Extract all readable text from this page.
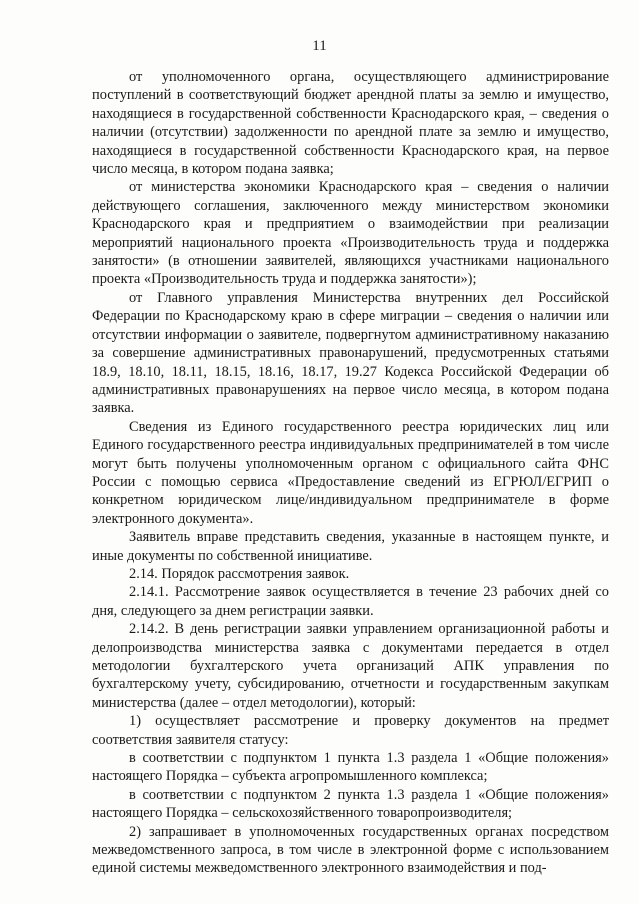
11

от уполномоченного органа, осуществляющего администрирование поступлений в соответствующий бюджет арендной платы за землю и имущество, находящиеся в государственной собственности Краснодарского края, – сведения о наличии (отсутствии) задолженности по арендной плате за землю и имущество, находящиеся в государственной собственности Краснодарского края, на первое число месяца, в котором подана заявка;

от министерства экономики Краснодарского края – сведения о наличии действующего соглашения, заключенного между министерством экономики Краснодарского края и предприятием о взаимодействии при реализации мероприятий национального проекта «Производительность труда и поддержка занятости» (в отношении заявителей, являющихся участниками национального проекта «Производительность труда и поддержка занятости»);

от Главного управления Министерства внутренних дел Российской Федерации по Краснодарскому краю в сфере миграции – сведения о наличии или отсутствии информации о заявителе, подвергнутом административному наказанию за совершение административных правонарушений, предусмотренных статьями 18.9, 18.10, 18.11, 18.15, 18.16, 18.17, 19.27 Кодекса Российской Федерации об административных правонарушениях на первое число месяца, в котором подана заявка.

Сведения из Единого государственного реестра юридических лиц или Единого государственного реестра индивидуальных предпринимателей в том числе могут быть получены уполномоченным органом с официального сайта ФНС России с помощью сервиса «Предоставление сведений из ЕГРЮЛ/ЕГРИП о конкретном юридическом лице/индивидуальном предпринимателе в форме электронного документа».

Заявитель вправе представить сведения, указанные в настоящем пункте, и иные документы по собственной инициативе.

2.14. Порядок рассмотрения заявок.

2.14.1. Рассмотрение заявок осуществляется в течение 23 рабочих дней со дня, следующего за днем регистрации заявки.

2.14.2. В день регистрации заявки управлением организационной работы и делопроизводства министерства заявка с документами передается в отдел методологии бухгалтерского учета организаций АПК управления по бухгалтерскому учету, субсидированию, отчетности и государственным закупкам министерства (далее – отдел методологии), который:

1) осуществляет рассмотрение и проверку документов на предмет соответствия заявителя статусу:

в соответствии с подпунктом 1 пункта 1.3 раздела 1 «Общие положения» настоящего Порядка – субъекта агропромышленного комплекса;

в соответствии с подпунктом 2 пункта 1.3 раздела 1 «Общие положения» настоящего Порядка – сельскохозяйственного товаропроизводителя;

2) запрашивает в уполномоченных государственных органах посредством межведомственного запроса, в том числе в электронной форме с использованием единой системы межведомственного электронного взаимодействия и под-
